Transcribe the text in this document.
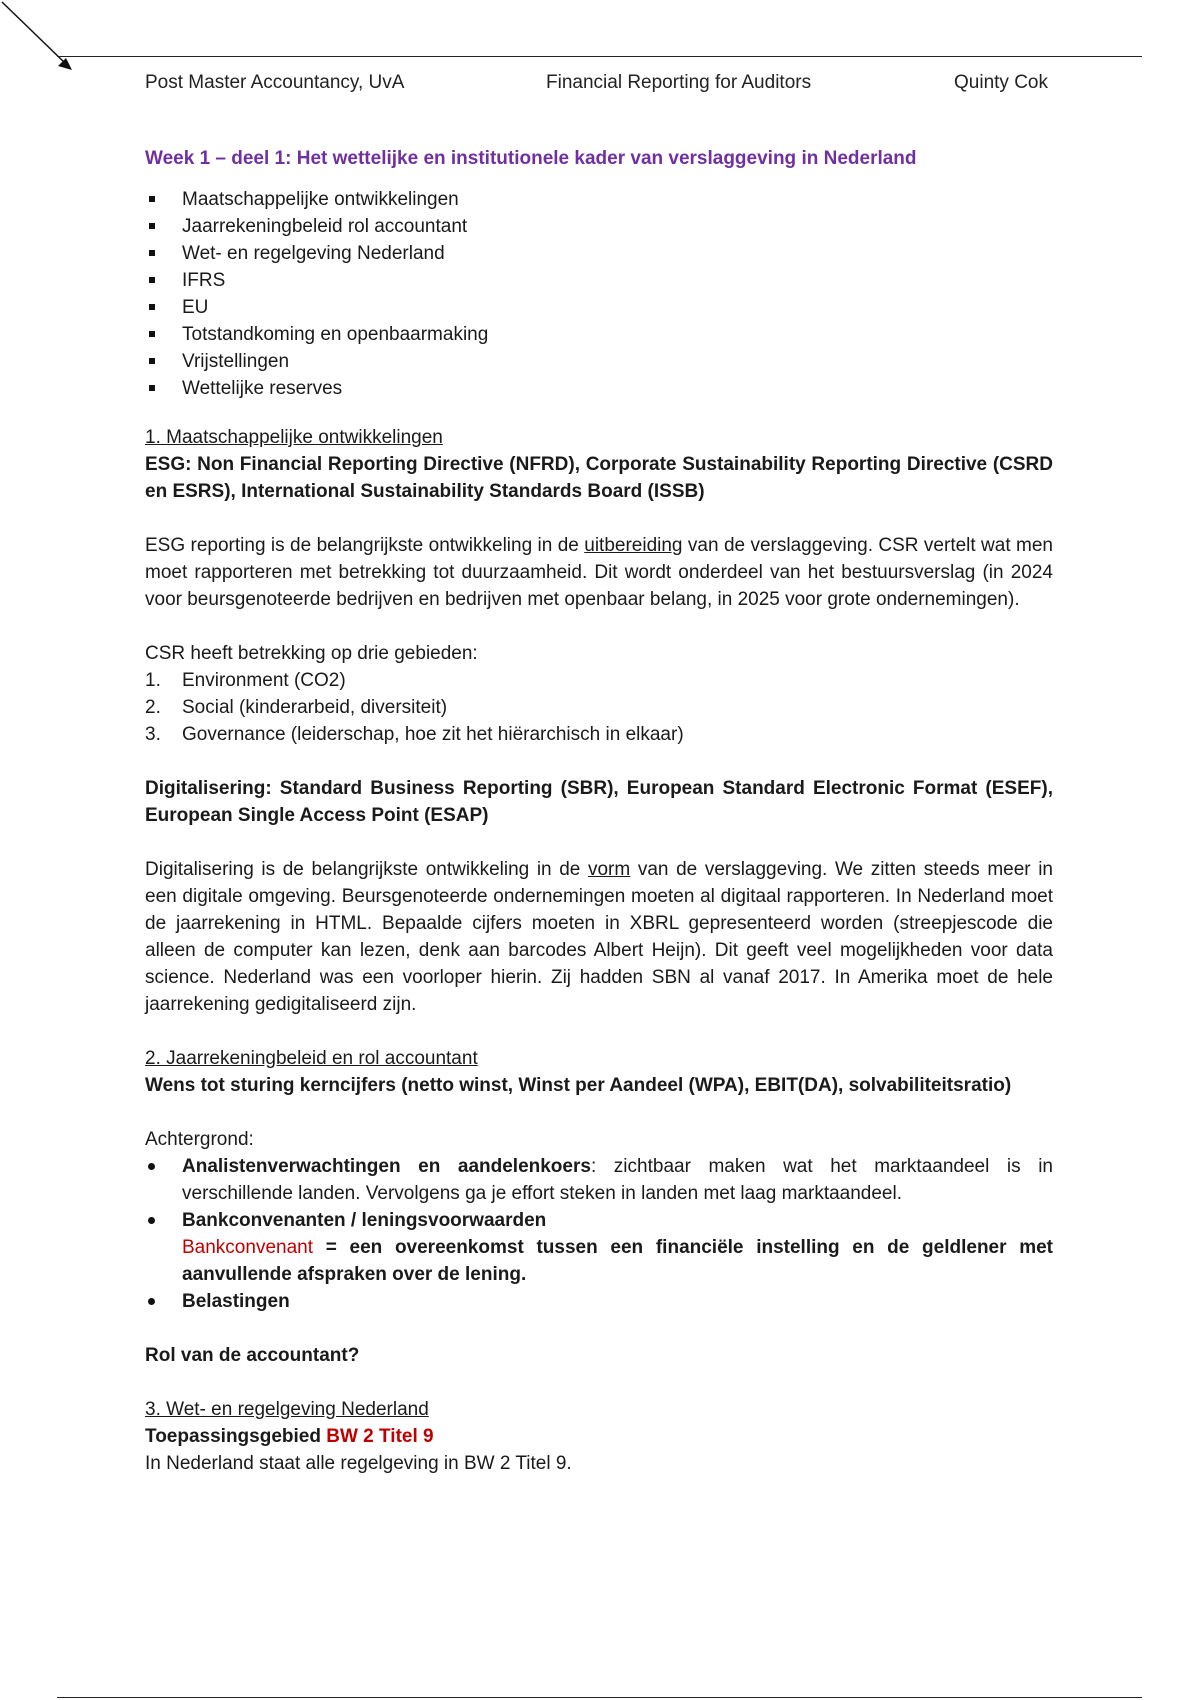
Post Master Accountancy, UvA	Financial Reporting for Auditors	Quinty Cok

Week 1 – deel 1: Het wettelijke en institutionele kader van verslaggeving in Nederland

Maatschappelijke ontwikkelingen
Jaarrekeningbeleid rol accountant
Wet- en regelgeving Nederland
IFRS
EU
Totstandkoming en openbaarmaking
Vrijstellingen
Wettelijke reserves

1. Maatschappelijke ontwikkelingen

ESG: Non Financial Reporting Directive (NFRD), Corporate Sustainability Reporting Directive (CSRD en ESRS), International Sustainability Standards Board (ISSB)

ESG reporting is de belangrijkste ontwikkeling in de uitbereiding van de verslaggeving. CSR vertelt wat men moet rapporteren met betrekking tot duurzaamheid. Dit wordt onderdeel van het bestuursverslag (in 2024 voor beursgenoteerde bedrijven en bedrijven met openbaar belang, in 2025 voor grote ondernemingen).

CSR heeft betrekking op drie gebieden:

1. Environment (CO2)
2. Social (kinderarbeid, diversiteit)
3. Governance (leiderschap, hoe zit het hiërarchisch in elkaar)

Digitalisering: Standard Business Reporting (SBR), European Standard Electronic Format (ESEF), European Single Access Point (ESAP)

Digitalisering is de belangrijkste ontwikkeling in de vorm van de verslaggeving. We zitten steeds meer in een digitale omgeving. Beursgenoteerde ondernemingen moeten al digitaal rapporteren. In Nederland moet de jaarrekening in HTML. Bepaalde cijfers moeten in XBRL gepresenteerd worden (streepjescode die alleen de computer kan lezen, denk aan barcodes Albert Heijn). Dit geeft veel mogelijkheden voor data science. Nederland was een voorloper hierin. Zij hadden SBN al vanaf 2017. In Amerika moet de hele jaarrekening gedigitaliseerd zijn.

2. Jaarrekeningbeleid en rol accountant

Wens tot sturing kerncijfers (netto winst, Winst per Aandeel (WPA), EBIT(DA), solvabiliteitsratio)

Achtergrond:

Analistenverwachtingen en aandelenkoers: zichtbaar maken wat het marktaandeel is in verschillende landen. Vervolgens ga je effort steken in landen met laag marktaandeel.
Bankconvenanten / leningsvoorwaarden
Bankconvenant = een overeenkomst tussen een financiële instelling en de geldlener met aanvullende afspraken over de lening.
Belastingen

Rol van de accountant?

3. Wet- en regelgeving Nederland

Toepassingsgebied BW 2 Titel 9

In Nederland staat alle regelgeving in BW 2 Titel 9.
